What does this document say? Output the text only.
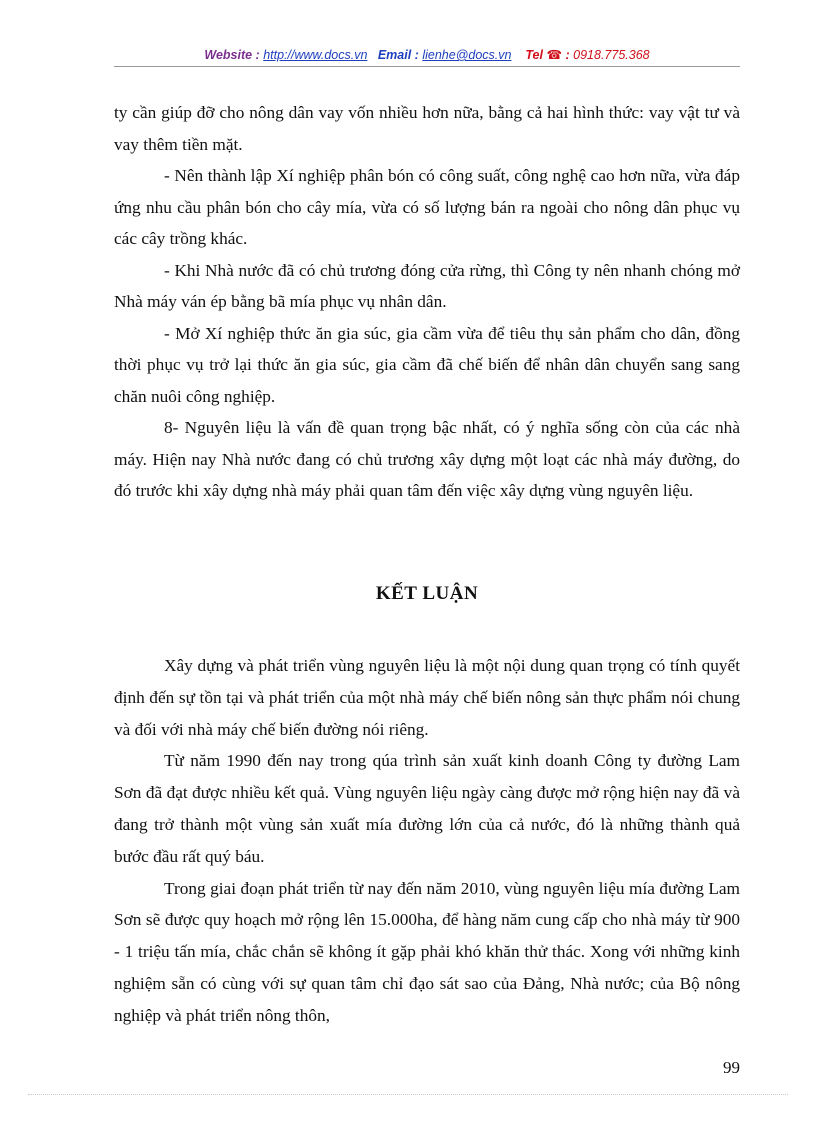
Website : http://www.docs.vn Email : lienhe@docs.vn Tel ☎ : 0918.775.368

ty cần giúp đỡ cho nông dân vay vốn nhiều hơn nữa, bằng cả hai hình thức: vay vật tư và vay thêm tiền mặt.

- Nên thành lập Xí nghiệp phân bón có công suất, công nghệ cao hơn nữa, vừa đáp ứng nhu cầu phân bón cho cây mía, vừa có số lượng bán ra ngoài cho nông dân phục vụ các cây trồng khác.

- Khi Nhà nước đã có chủ trương đóng cửa rừng, thì Công ty nên nhanh chóng mở Nhà máy ván ép bằng bã mía phục vụ nhân dân.

- Mở Xí nghiệp thức ăn gia súc, gia cầm vừa để tiêu thụ sản phẩm cho dân, đồng thời phục vụ trở lại thức ăn gia súc, gia cầm đã chế biến để nhân dân chuyển sang sang chăn nuôi công nghiệp.

8- Nguyên liệu là vấn đề quan trọng bậc nhất, có ý nghĩa sống còn của các nhà máy. Hiện nay Nhà nước đang có chủ trương xây dựng một loạt các nhà máy đường, do đó trước khi xây dựng nhà máy phải quan tâm đến việc xây dựng vùng nguyên liệu.

KẾT LUẬN

Xây dựng và phát triển vùng nguyên liệu là một nội dung quan trọng có tính quyết định đến sự tồn tại và phát triển của một nhà máy chế biến nông sản thực phẩm nói chung và đối với nhà máy chế biến đường nói riêng.

Từ năm 1990 đến nay trong qúa trình sản xuất kinh doanh Công ty đường Lam Sơn đã đạt được nhiều kết quả. Vùng nguyên liệu ngày càng được mở rộng hiện nay đã và đang trở thành một vùng sản xuất mía đường lớn của cả nước, đó là những thành quả bước đầu rất quý báu.

Trong giai đoạn phát triển từ nay đến năm 2010, vùng nguyên liệu mía đường Lam Sơn sẽ được quy hoạch mở rộng lên 15.000ha, để hàng năm cung cấp cho nhà máy từ 900 - 1 triệu tấn mía, chắc chắn sẽ không ít gặp phải khó khăn thử thác. Xong với những kinh nghiệm sẵn có cùng với sự quan tâm chỉ đạo sát sao của Đảng, Nhà nước; của Bộ nông nghiệp và phát triển nông thôn,

99
